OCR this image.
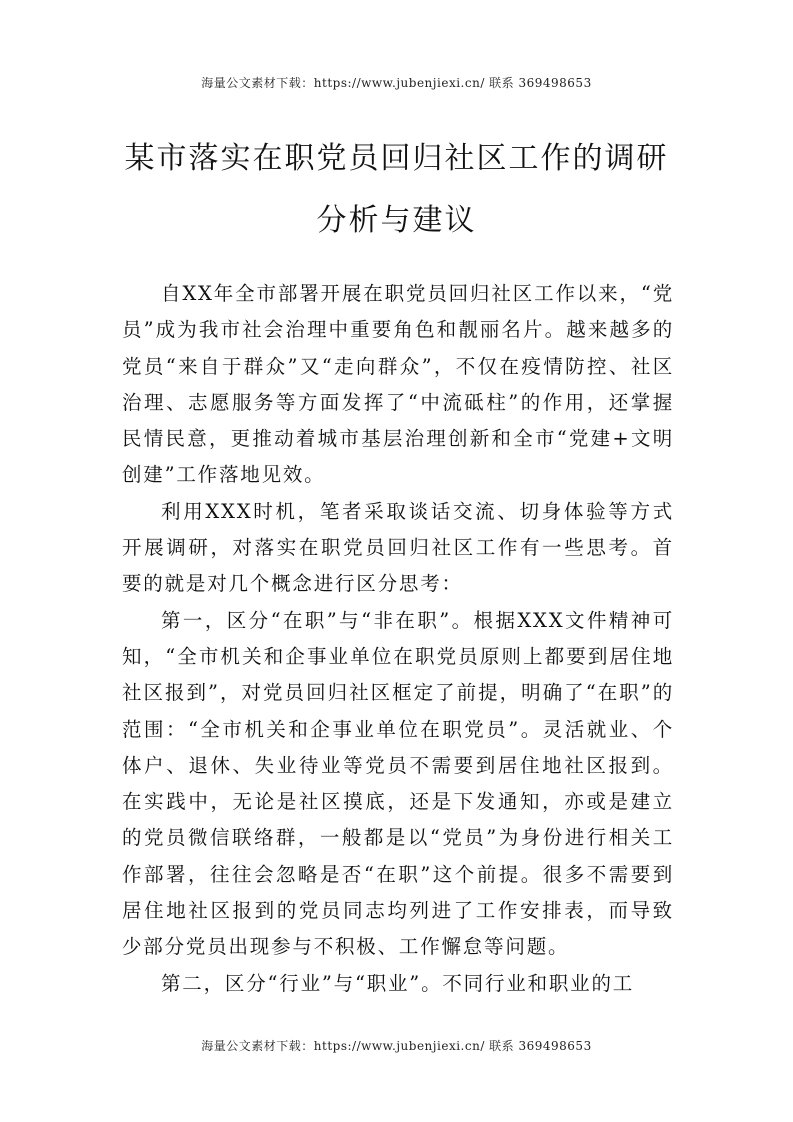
海量公文素材下载：https://www.jubenjiexi.cn/ 联系 369498653
某市落实在职党员回归社区工作的调研分析与建议

自XX年全市部署开展在职党员回归社区工作以来，“党员”成为我市社会治理中重要角色和靓丽名片。越来越多的党员“来自于群众”又“走向群众”，不仅在疫情防控、社区治理、志愿服务等方面发挥了“中流砥柱”的作用，还掌握民情民意，更推动着城市基层治理创新和全市“党建+文明创建”工作落地见效。

利用XXX时机，笔者采取谈话交流、切身体验等方式开展调研，对落实在职党员回归社区工作有一些思考。首要的就是对几个概念进行区分思考：

第一，区分“在职”与“非在职”。根据XXX文件精神可知，“全市机关和企事业单位在职党员原则上都要到居住地社区报到”，对党员回归社区框定了前提，明确了“在职”的范围：“全市机关和企事业单位在职党员”。灵活就业、个体户、退休、失业待业等党员不需要到居住地社区报到。在实践中，无论是社区摸底，还是下发通知，亦或是建立的党员微信联络群，一般都是以“党员”为身份进行相关工作部署，往往会忽略是否“在职”这个前提。很多不需要到居住地社区报到的党员同志均列进了工作安排表，而导致少部分党员出现参与不积极、工作懈怠等问题。

第二，区分“行业”与“职业”。不同行业和职业的工

海量公文素材下载：https://www.jubenjiexi.cn/ 联系 369498653
